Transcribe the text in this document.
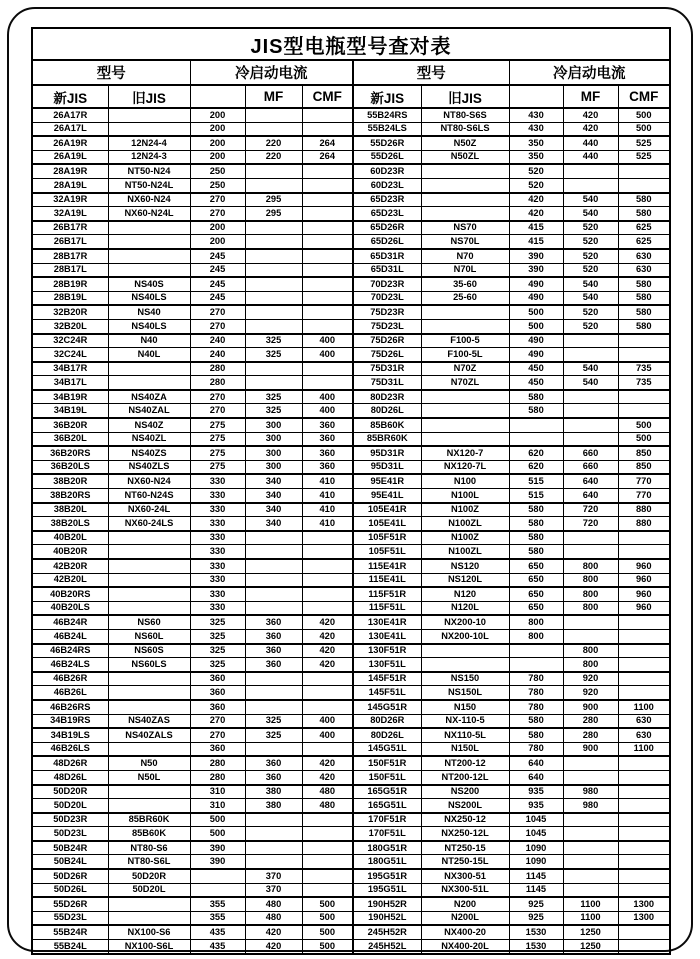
JIS型电瓶型号查对表									
型号		冷启动电流			型号		冷启动电流		
新JIS	旧JIS		MF	CMF	新JIS	旧JIS		MF	CMF
26A17R		200			55B24RS	NT80-S6S	430	420	500
26A17L		200			55B24LS	NT80-S6LS	430	420	500
26A19R	12N24-4	200	220	264	55D26R	N50Z	350	440	525
26A19L	12N24-3	200	220	264	55D26L	N50ZL	350	440	525
28A19R	NT50-N24	250			60D23R		520		
28A19L	NT50-N24L	250			60D23L		520		
32A19R	NX60-N24	270	295		65D23R		420	540	580
32A19L	NX60-N24L	270	295		65D23L		420	540	580
26B17R		200			65D26R	NS70	415	520	625
26B17L		200			65D26L	NS70L	415	520	625
28B17R		245			65D31R	N70	390	520	630
28B17L		245			65D31L	N70L	390	520	630
28B19R	NS40S	245			70D23R	35-60	490	540	580
28B19L	NS40LS	245			70D23L	25-60	490	540	580
32B20R	NS40	270			75D23R		500	520	580
32B20L	NS40LS	270			75D23L		500	520	580
32C24R	N40	240	325	400	75D26R	F100-5	490		
32C24L	N40L	240	325	400	75D26L	F100-5L	490		
34B17R		280			75D31R	N70Z	450	540	735
34B17L		280			75D31L	N70ZL	450	540	735
34B19R	NS40ZA	270	325	400	80D23R		580		
34B19L	NS40ZAL	270	325	400	80D26L		580		
36B20R	NS40Z	275	300	360	85B60K				500
36B20L	NS40ZL	275	300	360	85BR60K				500
36B20RS	NS40ZS	275	300	360	95D31R	NX120-7	620	660	850
36B20LS	NS40ZLS	275	300	360	95D31L	NX120-7L	620	660	850
38B20R	NX60-N24	330	340	410	95E41R	N100	515	640	770
38B20RS	NT60-N24S	330	340	410	95E41L	N100L	515	640	770
38B20L	NX60-24L	330	340	410	105E41R	N100Z	580	720	880
38B20LS	NX60-24LS	330	340	410	105E41L	N100ZL	580	720	880
40B20L		330			105F51R	N100Z	580		
40B20R		330			105F51L	N100ZL	580		
42B20R		330			115E41R	NS120	650	800	960
42B20L		330			115E41L	NS120L	650	800	960
40B20RS		330			115F51R	N120	650	800	960
40B20LS		330			115F51L	N120L	650	800	960
46B24R	NS60	325	360	420	130E41R	NX200-10	800		
46B24L	NS60L	325	360	420	130E41L	NX200-10L	800		
46B24RS	NS60S	325	360	420	130F51R			800	
46B24LS	NS60LS	325	360	420	130F51L			800	
46B26R		360			145F51R	NS150	780	920	
46B26L		360			145F51L	NS150L	780	920	
46B26RS		360			145G51R	N150	780	900	1100
34B19RS	NS40ZAS	270	325	400	80D26R	NX-110-5	580	280	630
34B19LS	NS40ZALS	270	325	400	80D26L	NX110-5L	580	280	630
46B26LS		360			145G51L	N150L	780	900	1100
48D26R	N50	280	360	420	150F51R	NT200-12	640		
48D26L	N50L	280	360	420	150F51L	NT200-12L	640		
50D20R		310	380	480	165G51R	NS200	935	980	
50D20L		310	380	480	165G51L	NS200L	935	980	
50D23R	85BR60K	500			170F51R	NX250-12	1045		
50D23L	85B60K	500			170F51L	NX250-12L	1045		
50B24R	NT80-S6	390			180G51R	NT250-15	1090		
50B24L	NT80-S6L	390			180G51L	NT250-15L	1090		
50D26R	50D20R		370		195G51R	NX300-51	1145		
50D26L	50D20L		370		195G51L	NX300-51L	1145		
55D26R		355	480	500	190H52R	N200	925	1100	1300
55D23L		355	480	500	190H52L	N200L	925	1100	1300
55B24R	NX100-S6	435	420	500	245H52R	NX400-20	1530	1250	
55B24L	NX100-S6L	435	420	500	245H52L	NX400-20L	1530	1250	
